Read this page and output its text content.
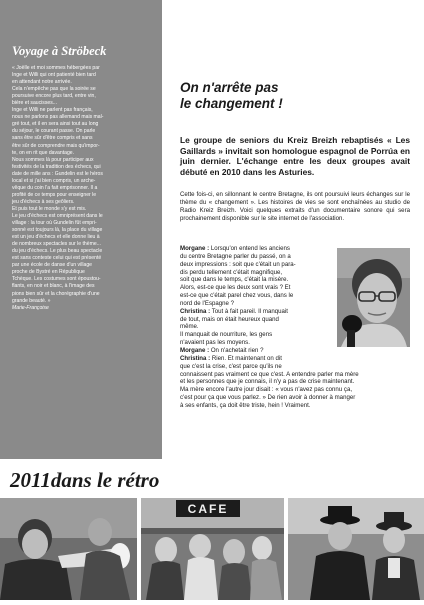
Voyage à Ströbeck
« Joëlle et moi sommes hébergées par
Inge et Willi qui ont patienté bien tard
en attendant notre arrivée.
Cela n'empêche pas que la soirée se
poursuive encore plus tard, entre vin,
bière et saucisses...
Inge et Willi ne parlent pas français,
nous ne parlons pas allemand mais mal-
gré tout, et il en sera ainsi tout au long
du séjour, le courant passe. On parle
sans être sûr d'être compris et sans
être sûr de comprendre mais qu'impor-
te, on en rit que davantage.
Nous sommes là pour participer aux
festivités de la tradition des échecs, qui
date de mille ans : Gundelin est le héros
local et si j'ai bien compris, un arche-
vêque du coin l'a fait emprisonner. Il a
profité de ce temps pour enseigner le
jeu d'échecs à ses geôliers.
Et puis tout le monde s'y est mis.
Le jeu d'échecs est omniprésent dans le
village : la tour où Gundelin fût empri-
sonné est toujours là, la place du village
est un jeu d'échecs et elle donne lieu à
de nombreux spectacles sur le thème...
du jeu d'échecs. Le plus beau spectacle
est sans conteste celui qui est présenté
par une école de danse d'un village
proche de Bystré en République
Tchèque. Les costumes sont époustou-
flants, en noir et blanc, à l'image des
pions bien sûr et la chorégraphie d'une
grande beauté. »

Marie-Françoise

On n'arrête pas
le changement !

Le groupe de seniors du Kreiz Breizh rebaptisés « Les Gaillards » invitait son homologue espagnol de Porrúa en juin dernier. L'échange entre les deux groupes avait débuté en 2010 dans les Asturies.

Cette fois-ci, en sillonnant le centre Bretagne, ils ont poursuivi leurs échanges sur le thème du « changement ». Les histoires de vies se sont enchaînées au studio de Radio Kreiz Breizh. Voici quelques extraits d'un documentaire sonore qui sera prochainement disponible sur le site internet de l'association.

Morgane : Lorsqu'on entend les anciens
du centre Bretagne parler du passé, on a
deux impressions : soit que c'était un para-
dis perdu tellement c'était magnifique,
soit que dans le temps, c'était la misère.
Alors, est-ce que les deux sont vrais ? Et
est-ce que c'était parel chez vous, dans le
nord de l'Espagne ?
Christina : Tout à fait pareil. Il manquait
de tout, mais on était heureux quand
même.
Il manquait de nourriture, les gens
n'avaient pas les moyens.
Morgane : On n'achetait rien ?
Christina : Rien. Et maintenant on dit
que c'est la crise, c'est parce qu'ils ne
connaissent pas vraiment ce que c'est. A entendre parler ma mère
et les personnes que je connais, il n'y a pas de crise maintenant.
Ma mère encore l'autre jour disait : « vous n'avez pas connu ça,
c'est pour ça que vous parlez. » De rien avoir à donner à manger
à ses enfants, ça doit être triste, hein ! Vraiment.
2011dans le rétro
CAFE
